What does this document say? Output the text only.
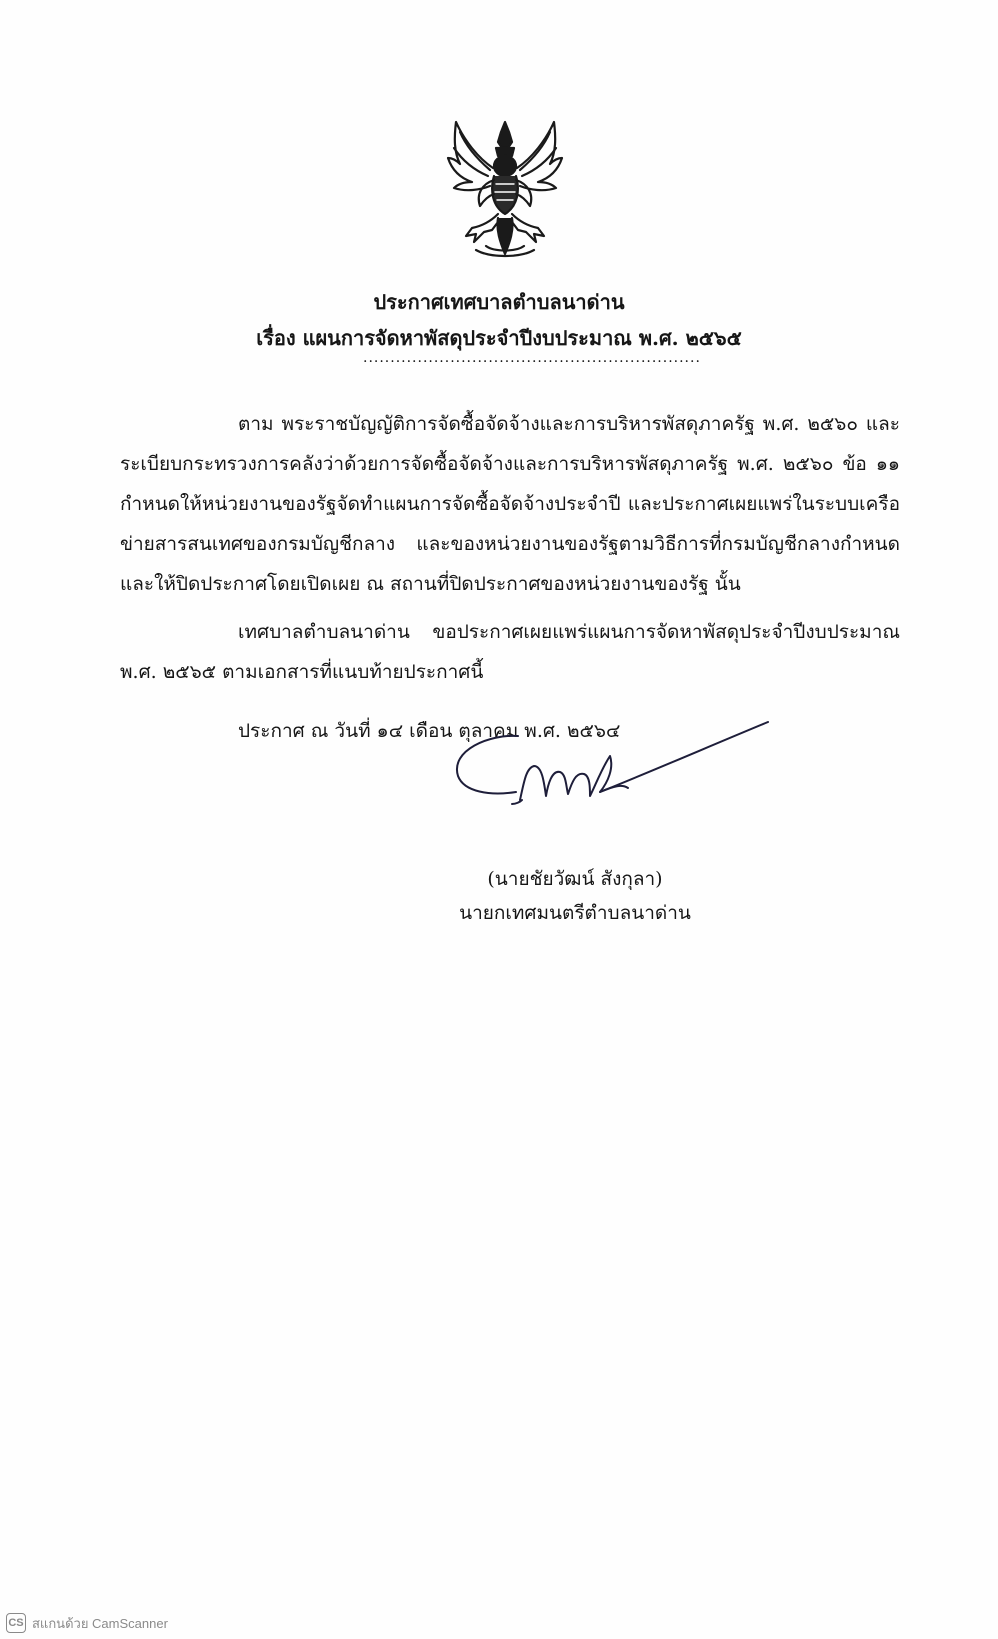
ประกาศเทศบาลตำบลนาด่าน
เรื่อง แผนการจัดหาพัสดุประจำปีงบประมาณ พ.ศ. ๒๕๖๕
..............................................................
ตาม พระราชบัญญัติการจัดซื้อจัดจ้างและการบริหารพัสดุภาครัฐ พ.ศ. ๒๕๖๐ และระเบียบกระทรวงการคลังว่าด้วยการจัดซื้อจัดจ้างและการบริหารพัสดุภาครัฐ พ.ศ. ๒๕๖๐ ข้อ ๑๑ กำหนดให้หน่วยงานของรัฐจัดทำแผนการจัดซื้อจัดจ้างประจำปี และประกาศเผยแพร่ในระบบเครือข่ายสารสนเทศของกรมบัญชีกลาง และของหน่วยงานของรัฐตามวิธีการที่กรมบัญชีกลางกำหนดและให้ปิดประกาศโดยเปิดเผย ณ สถานที่ปิดประกาศของหน่วยงานของรัฐ นั้น
เทศบาลตำบลนาด่าน ขอประกาศเผยแพร่แผนการจัดหาพัสดุประจำปีงบประมาณ พ.ศ. ๒๕๖๕ ตามเอกสารที่แนบท้ายประกาศนี้
ประกาศ ณ วันที่ ๑๔ เดือน ตุลาคม พ.ศ. ๒๕๖๔
(นายชัยวัฒน์ สังกุลา)
นายกเทศมนตรีตำบลนาด่าน
CS สแกนด้วย CamScanner
